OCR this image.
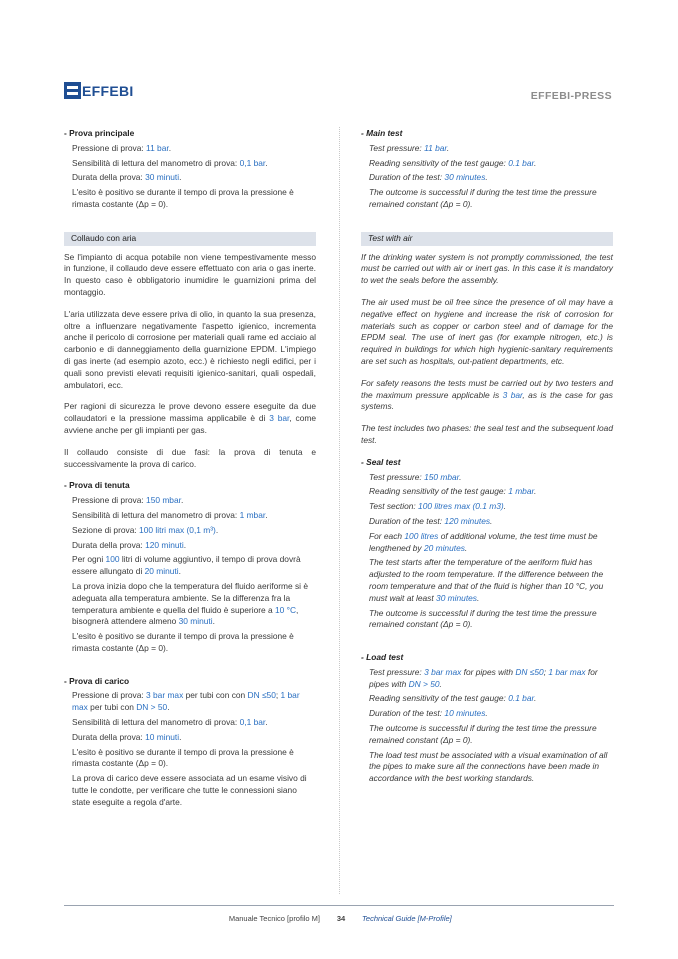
EFFEBI	EFFEBI-PRESS
- Prova principale
Pressione di prova: 11 bar.
Sensibilità di lettura del manometro di prova: 0,1 bar.
Durata della prova: 30 minuti.
L'esito è positivo se durante il tempo di prova la pressione è rimasta costante (Δp = 0).
Collaudo con aria

Se l'impianto di acqua potabile non viene tempestivamente messo in funzione, il collaudo deve essere effettuato con aria o gas inerte. In questo caso è obbligatorio inumidire le guarnizioni prima del montaggio.

L'aria utilizzata deve essere priva di olio, in quanto la sua presenza, oltre a influenzare negativamente l'aspetto igienico, incrementa anche il pericolo di corrosione per materiali quali rame ed acciaio al carbonio e di danneggiamento della guarnizione EPDM. L'impiego di gas inerte (ad esempio azoto, ecc.) è richiesto negli edifici, per i quali sono previsti elevati requisiti igienico-sanitari, quali ospedali, ambulatori, ecc.

Per ragioni di sicurezza le prove devono essere eseguite da due collaudatori e la pressione massima applicabile è di 3 bar, come avviene anche per gli impianti per gas.

Il collaudo consiste di due fasi: la prova di tenuta e successivamente la prova di carico.

- Prova di tenuta
Pressione di prova: 150 mbar.
Sensibilità di lettura del manometro di prova: 1 mbar.
Sezione di prova: 100 litri max (0,1 m³).
Durata della prova: 120 minuti.
Per ogni 100 litri di volume aggiuntivo, il tempo di prova dovrà essere allungato di 20 minuti.
La prova inizia dopo che la temperatura del fluido aeriforme si è adeguata alla temperatura ambiente. Se la differenza fra la temperatura ambiente e quella del fluido è superiore a 10 °C, bisognerà attendere almeno 30 minuti.
L'esito è positivo se durante il tempo di prova la pressione è rimasta costante (Δp = 0).
- Prova di carico
Pressione di prova: 3 bar max per tubi con con DN ≤50; 1 bar max per tubi con DN > 50.
Sensibilità di lettura del manometro di prova: 0,1 bar.
Durata della prova: 10 minuti.
L'esito è positivo se durante il tempo di prova la pressione è rimasta costante (Δp = 0).
La prova di carico deve essere associata ad un esame visivo di tutte le condotte, per verificare che tutte le connessioni siano state eseguite a regola d'arte.
- Main test
Test pressure: 11 bar.
Reading sensitivity of the test gauge: 0.1 bar.
Duration of the test: 30 minutes.
The outcome is successful if during the test time the pressure remained constant (Δp = 0).
Test with air

If the drinking water system is not promptly commissioned, the test must be carried out with air or inert gas. In this case it is mandatory to wet the seals before the assembly.

The air used must be oil free since the presence of oil may have a negative effect on hygiene and increase the risk of corrosion for materials such as copper or carbon steel and of damage for the EPDM seal. The use of inert gas (for example nitrogen, etc.) is required in buildings for which high hygienic-sanitary requirements are set such as hospitals, out-patient departments, etc.

For safety reasons the tests must be carried out by two testers and the maximum pressure applicable is 3 bar, as is the case for gas systems.

The test includes two phases: the seal test and the subsequent load test.

- Seal test
Test pressure: 150 mbar.
Reading sensitivity of the test gauge: 1 mbar.
Test section: 100 litres max (0.1 m3).
Duration of the test: 120 minutes.
For each 100 litres of additional volume, the test time must be lengthened by 20 minutes.
The test starts after the temperature of the aeriform fluid has adjusted to the room temperature. If the difference between the room temperature and that of the fluid is higher than 10 °C, you must wait at least 30 minutes.
The outcome is successful if during the test time the pressure remained constant (Δp = 0).
- Load test
Test pressure: 3 bar max for pipes with DN ≤50; 1 bar max for pipes with DN > 50.
Reading sensitivity of the test gauge: 0.1 bar.
Duration of the test: 10 minutes.
The outcome is successful if during the test time the pressure remained constant (Δp = 0).
The load test must be associated with a visual examination of all the pipes to make sure all the connections have been made in accordance with the best working standards.
Manuale Tecnico [profilo M]	34	Technical Guide [M-Profile]
